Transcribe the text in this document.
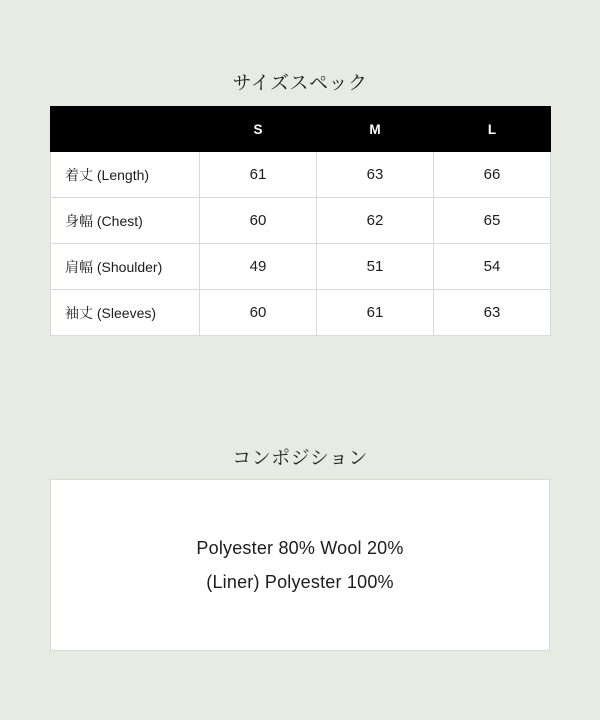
サイズスペック
	S	M	L
着丈 (Length)	61	63	66
身幅 (Chest)	60	62	65
肩幅 (Shoulder)	49	51	54
袖丈 (Sleeves)	60	61	63
コンポジション
Polyester 80% Wool 20%
(Liner) Polyester 100%
